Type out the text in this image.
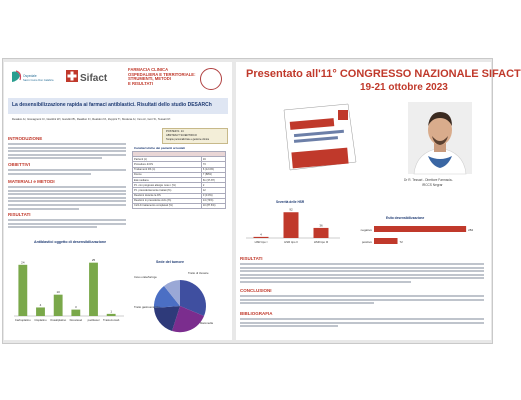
Ospedale
Sacro Cuore Don Calabria	Sifact
FARMACIA CLINICA
OSPEDALIERA E TERRITORIALE:
STRUMENTI, METODI
E RISULTATI
La desensibilizzazione rapida ai farmaci antiblastici. Risultati dello studio DESARCh
Desalvo A¹, Giovagnoni C¹, Giardini W¹, Gandini B¹, Realdon F¹, Realdon N¹, Zuppini T¹, Modena A¹, Inno A¹, Gori S¹, Tessari R¹
INTRODUZIONE
OBIETTIVI
MATERIALI e METODI
RISULTATI
POSTER N. 14
ABSTRACT SCIENTIFICO
Terapie personalizzate e gestione clinica
Caratteristiche dei pazienti arruolati

Pazienti (n)	19
Procedure di DS	73
Trattamenti DS (n)	6 (12.0%)
Donne	7 (88%)
Età mediana	61 (37-87)
Pz. con progressi allergie note n (%)	2
Pz. precedentemente trattati (%)	12
Reazioni durante la DS	0 (0.0%)
Reazioni in precedente ciclo (%)	14 (74%)
Cicli di trattamento completati (%)	10 (87.6%)
Antiblastici oggetto di desensibilizzazione
24
Carboplatino
4
Cisplatino
10
Ossaliplatino
3
Docetaxel
25
paclitaxel
1
Trastuzumab
Sede del tumore
Cavo orale/faringe
Tratto gastroenterico
Mammella
Ovaio
Tratto di Vessice
Presentato all'11° CONGRESSO NAZIONALE SIFACT
19-21 ottobre 2023
Dr R. Tessari - Direttore Farmacia-
IRCCS Negrar
Severità delle HSR
4
HSR tipo I
92
HSR tipo II
36
HSR tipo III
Esito desensibilizzazione
negativo	282
positivo	72
RISULTATI
CONCLUSIONI
BIBLIOGRAFIA
